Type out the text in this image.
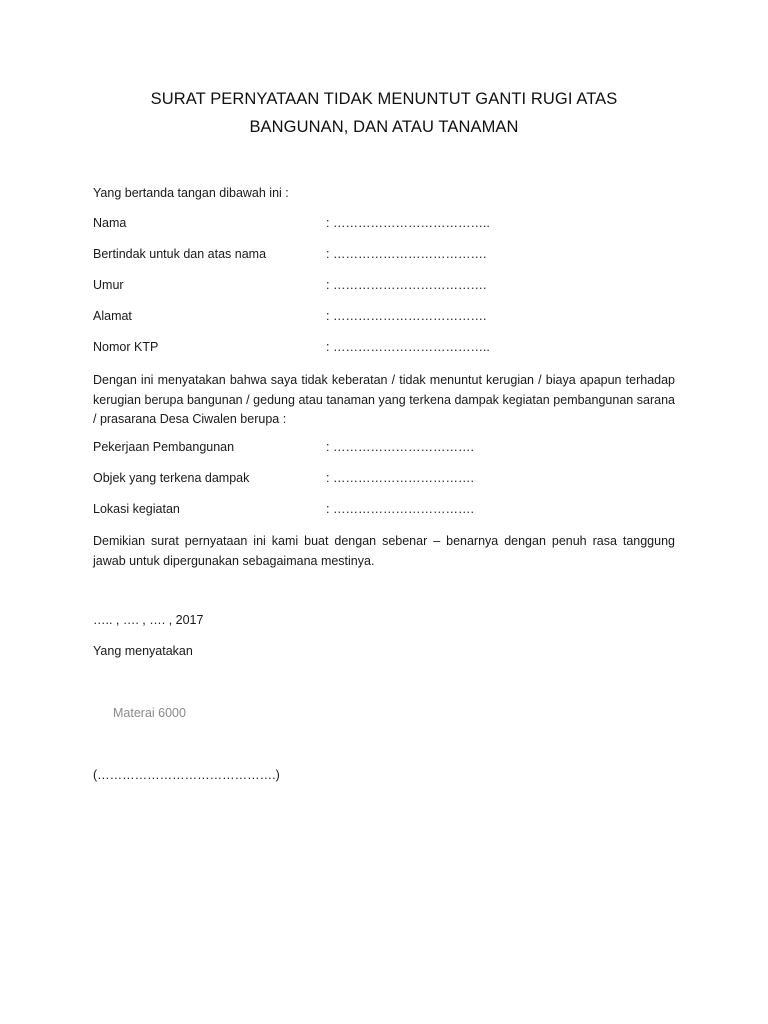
SURAT PERNYATAAN TIDAK MENUNTUT GANTI RUGI ATAS
BANGUNAN, DAN ATAU TANAMAN
Yang bertanda tangan dibawah ini :
Nama	: ………………………………..
Bertindak untuk dan atas nama	: ……………………………….
Umur	: ……………………………….
Alamat	: ……………………………….
Nomor KTP	: ………………………………..
Dengan ini menyatakan bahwa saya tidak keberatan / tidak menuntut kerugian / biaya apapun terhadap kerugian berupa bangunan / gedung atau tanaman yang terkena dampak kegiatan pembangunan sarana / prasarana Desa Ciwalen berupa :
Pekerjaan Pembangunan	: …………………………….
Objek yang terkena dampak	: …………………………….
Lokasi kegiatan	: …………………………….
Demikian surat pernyataan ini kami buat dengan sebenar – benarnya dengan penuh rasa tanggung jawab untuk dipergunakan sebagaimana mestinya.
….. , …. , …. , 2017
Yang menyatakan
Materai 6000
(…………………………………….)
